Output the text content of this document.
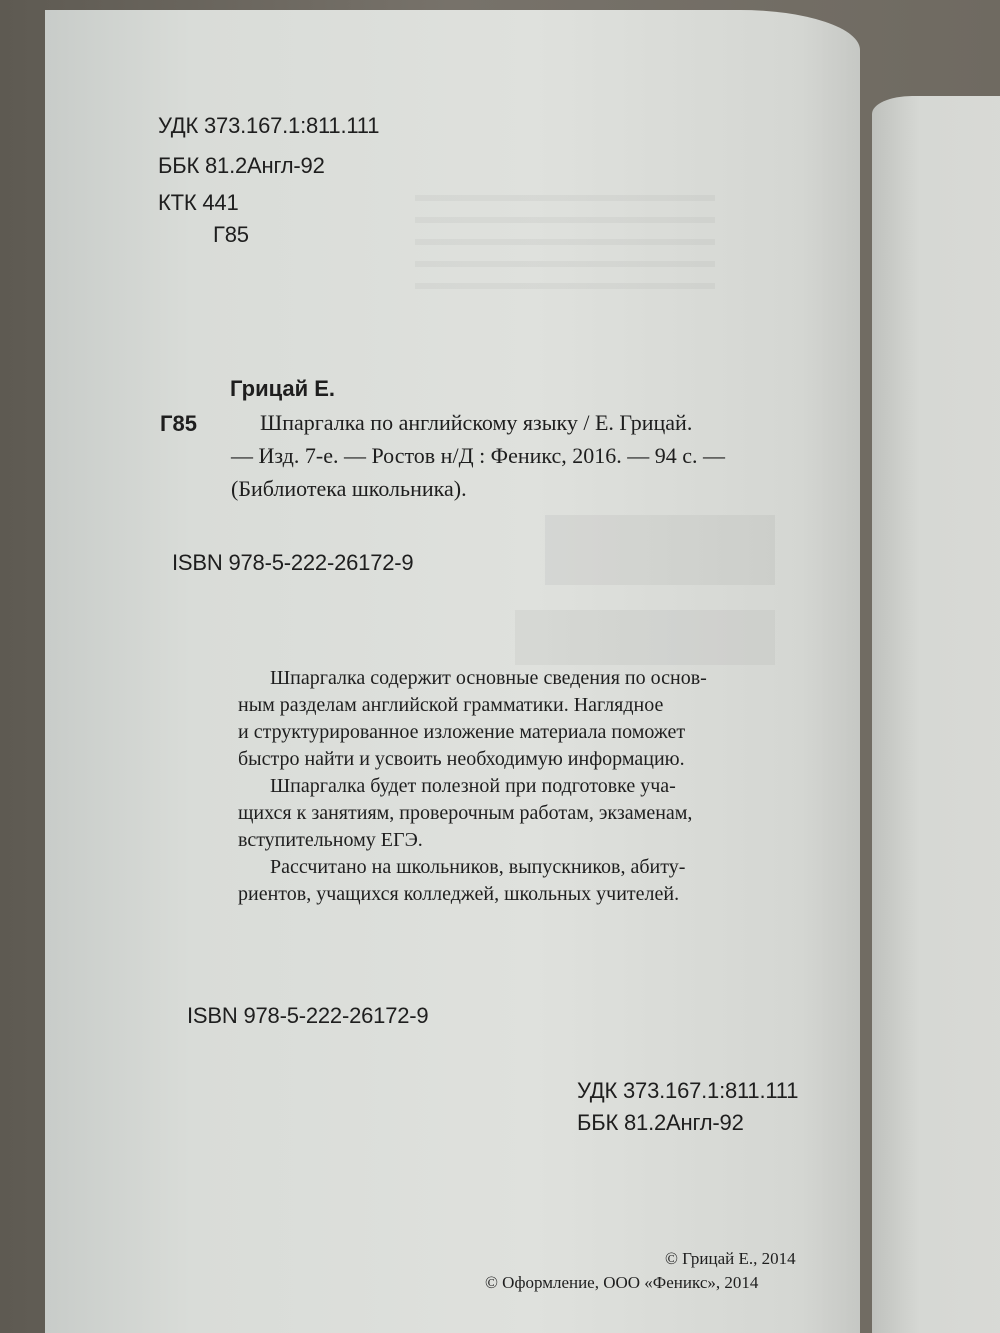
УДК 373.167.1:811.111
ББК 81.2Англ-92
КТК 441
Г85
Грицай Е.
Г85	Шпаргалка по английскому языку / Е. Грицай.
— Изд. 7-е. — Ростов н/Д : Феникс, 2016. — 94 с. —
(Библиотека школьника).
ISBN 978-5-222-26172-9
Шпаргалка содержит основные сведения по основ-
ным разделам английской грамматики. Наглядное
и структурированное изложение материала поможет
быстро найти и усвоить необходимую информацию.
Шпаргалка будет полезной при подготовке уча-
щихся к занятиям, проверочным работам, экзаменам,
вступительному ЕГЭ.
Рассчитано на школьников, выпускников, абиту-
риентов, учащихся колледжей, школьных учителей.
ISBN 978-5-222-26172-9
УДК 373.167.1:811.111
ББК 81.2Англ-92
© Грицай Е., 2014
© Оформление, ООО «Феникс», 2014
